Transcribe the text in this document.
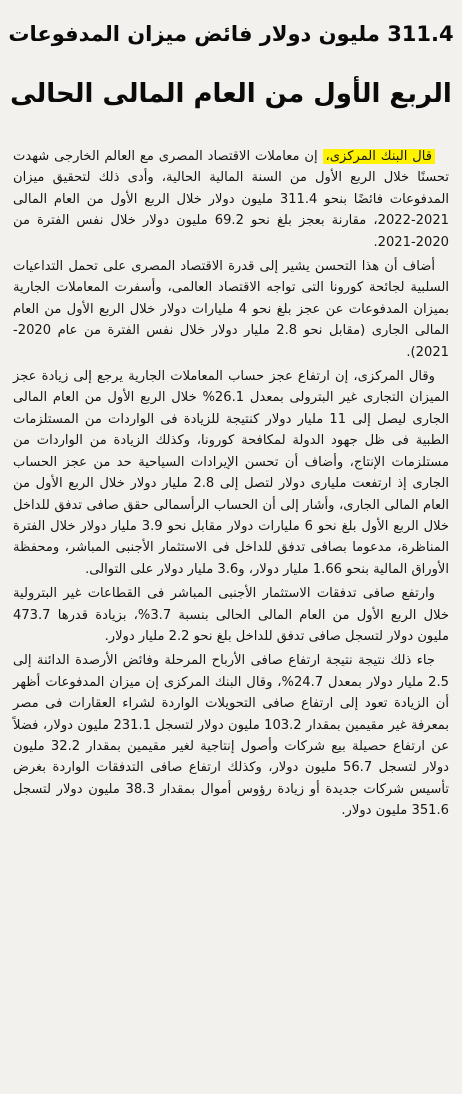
311.4 مليون دولار فائض ميزان المدفوعات
الربع الأول من العام المالى الحالى

قال البنك المركزى، إن معاملات الاقتصاد المصرى مع العالم الخارجى شهدت تحسنًا خلال الربع الأول من السنة المالية الحالية، وأدى ذلك لتحقيق ميزان المدفوعات فائضًا بنحو 311.4 مليون دولار خلال الربع الأول من العام المالى 2021-2022، مقارنة بعجز بلغ نحو 69.2 مليون دولار خلال نفس الفترة من 2020-2021.

أضاف أن هذا التحسن يشير إلى قدرة الاقتصاد المصرى على تحمل التداعيات السلبية لجائحة كورونا التى تواجه الاقتصاد العالمى، وأسفرت المعاملات الجارية بميزان المدفوعات عن عجز بلغ نحو 4 مليارات دولار خلال الربع الأول من العام المالى الجارى (مقابل نحو 2.8 مليار دولار خلال نفس الفترة من عام 2020-2021).

وقال المركزى، إن ارتفاع عجز حساب المعاملات الجارية يرجع إلى زيادة عجز الميزان التجارى غير البترولى بمعدل 26.1% خلال الربع الأول من العام المالى الجارى ليصل إلى 11 مليار دولار كنتيجة للزيادة فى الواردات من المستلزمات الطبية فى ظل جهود الدولة لمكافحة كورونا، وكذلك الزيادة من الواردات من مستلزمات الإنتاج، وأضاف أن تحسن الإيرادات السياحية حد من عجز الحساب الجارى إذ ارتفعت مليارى دولار لتصل إلى 2.8 مليار دولار خلال الربع الأول من العام المالى الجارى، وأشار إلى أن الحساب الرأسمالى حقق صافى تدفق للداخل خلال الربع الأول بلغ نحو 6 مليارات دولار مقابل نحو 3.9 مليار دولار خلال الفترة المناظرة، مدعوما بصافى تدفق للداخل فى الاستثمار الأجنبى المباشر، ومحفظة الأوراق المالية بنحو 1.66 مليار دولار، و3.6 مليار دولار على التوالى.

وارتفع صافى تدفقات الاستثمار الأجنبى المباشر فى القطاعات غير البترولية خلال الربع الأول من العام المالى الحالى بنسبة 3.7%، بزيادة قدرها 473.7 مليون دولار لتسجل صافى تدفق للداخل بلغ نحو 2.2 مليار دولار.

جاء ذلك نتيجة نتيجة ارتفاع صافى الأرباح المرحلة وفائض الأرصدة الدائنة إلى 2.5 مليار دولار بمعدل 24.7%، وقال البنك المركزى إن ميزان المدفوعات أظهر أن الزيادة تعود إلى ارتفاع صافى التحويلات الواردة لشراء العقارات فى مصر بمعرفة غير مقيمين بمقدار 103.2 مليون دولار لتسجل 231.1 مليون دولار، فضلاً عن ارتفاع حصيلة بيع شركات وأصول إنتاجية لغير مقيمين بمقدار 32.2 مليون دولار لتسجل 56.7 مليون دولار، وكذلك ارتفاع صافى التدفقات الواردة بغرض تأسيس شركات جديدة أو زيادة رؤوس أموال بمقدار 38.3 مليون دولار لتسجل 351.6 مليون دولار.
